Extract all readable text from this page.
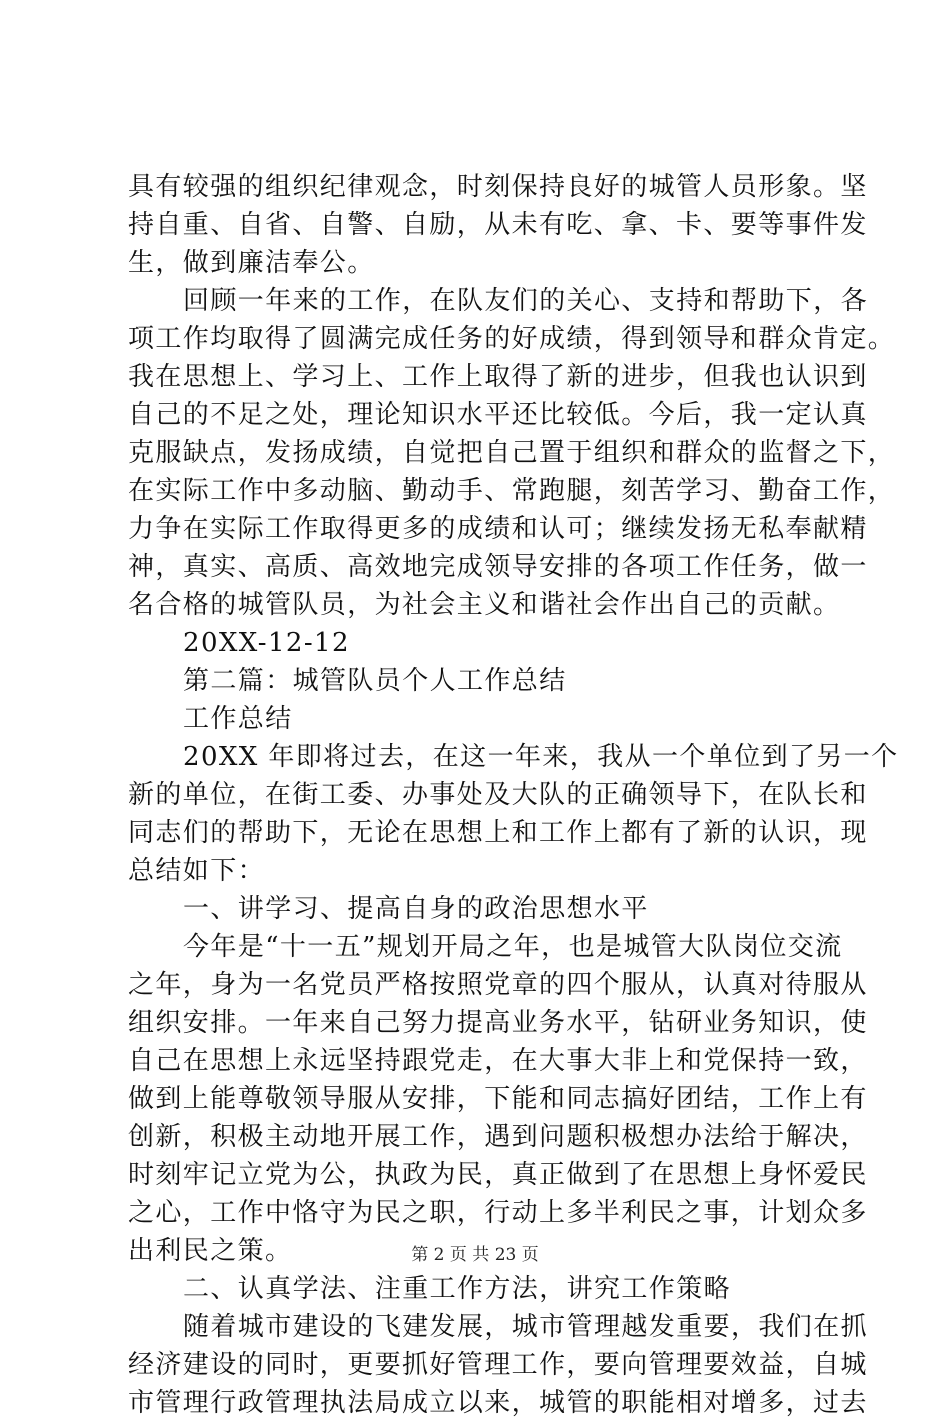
具有较强的组织纪律观念，时刻保持良好的城管人员形象。坚
持自重、自省、自警、自励，从未有吃、拿、卡、要等事件发
生，做到廉洁奉公。
回顾一年来的工作，在队友们的关心、支持和帮助下，各
项工作均取得了圆满完成任务的好成绩，得到领导和群众肯定。
我在思想上、学习上、工作上取得了新的进步，但我也认识到
自己的不足之处，理论知识水平还比较低。今后，我一定认真
克服缺点，发扬成绩，自觉把自己置于组织和群众的监督之下，
在实际工作中多动脑、勤动手、常跑腿，刻苦学习、勤奋工作，
力争在实际工作取得更多的成绩和认可；继续发扬无私奉献精
神，真实、高质、高效地完成领导安排的各项工作任务，做一
名合格的城管队员，为社会主义和谐社会作出自己的贡献。
20XX-12-12
第二篇：城管队员个人工作总结
工作总结
20XX 年即将过去，在这一年来，我从一个单位到了另一个
新的单位，在街工委、办事处及大队的正确领导下，在队长和
同志们的帮助下，无论在思想上和工作上都有了新的认识，现
总结如下：
一、讲学习、提高自身的政治思想水平
今年是“十一五”规划开局之年，也是城管大队岗位交流
之年，身为一名党员严格按照党章的四个服从，认真对待服从
组织安排。一年来自己努力提高业务水平，钻研业务知识，使
自己在思想上永远坚持跟党走，在大事大非上和党保持一致，
做到上能尊敬领导服从安排，下能和同志搞好团结，工作上有
创新，积极主动地开展工作，遇到问题积极想办法给于解决，
时刻牢记立党为公，执政为民，真正做到了在思想上身怀爱民
之心，工作中恪守为民之职，行动上多半利民之事，计划众多
出利民之策。
二、认真学法、注重工作方法，讲究工作策略
随着城市建设的飞建发展，城市管理越发重要，我们在抓
经济建设的同时，更要抓好管理工作，要向管理要效益，自城
市管理行政管理执法局成立以来，城管的职能相对增多，过去
第 2 页 共 23 页
